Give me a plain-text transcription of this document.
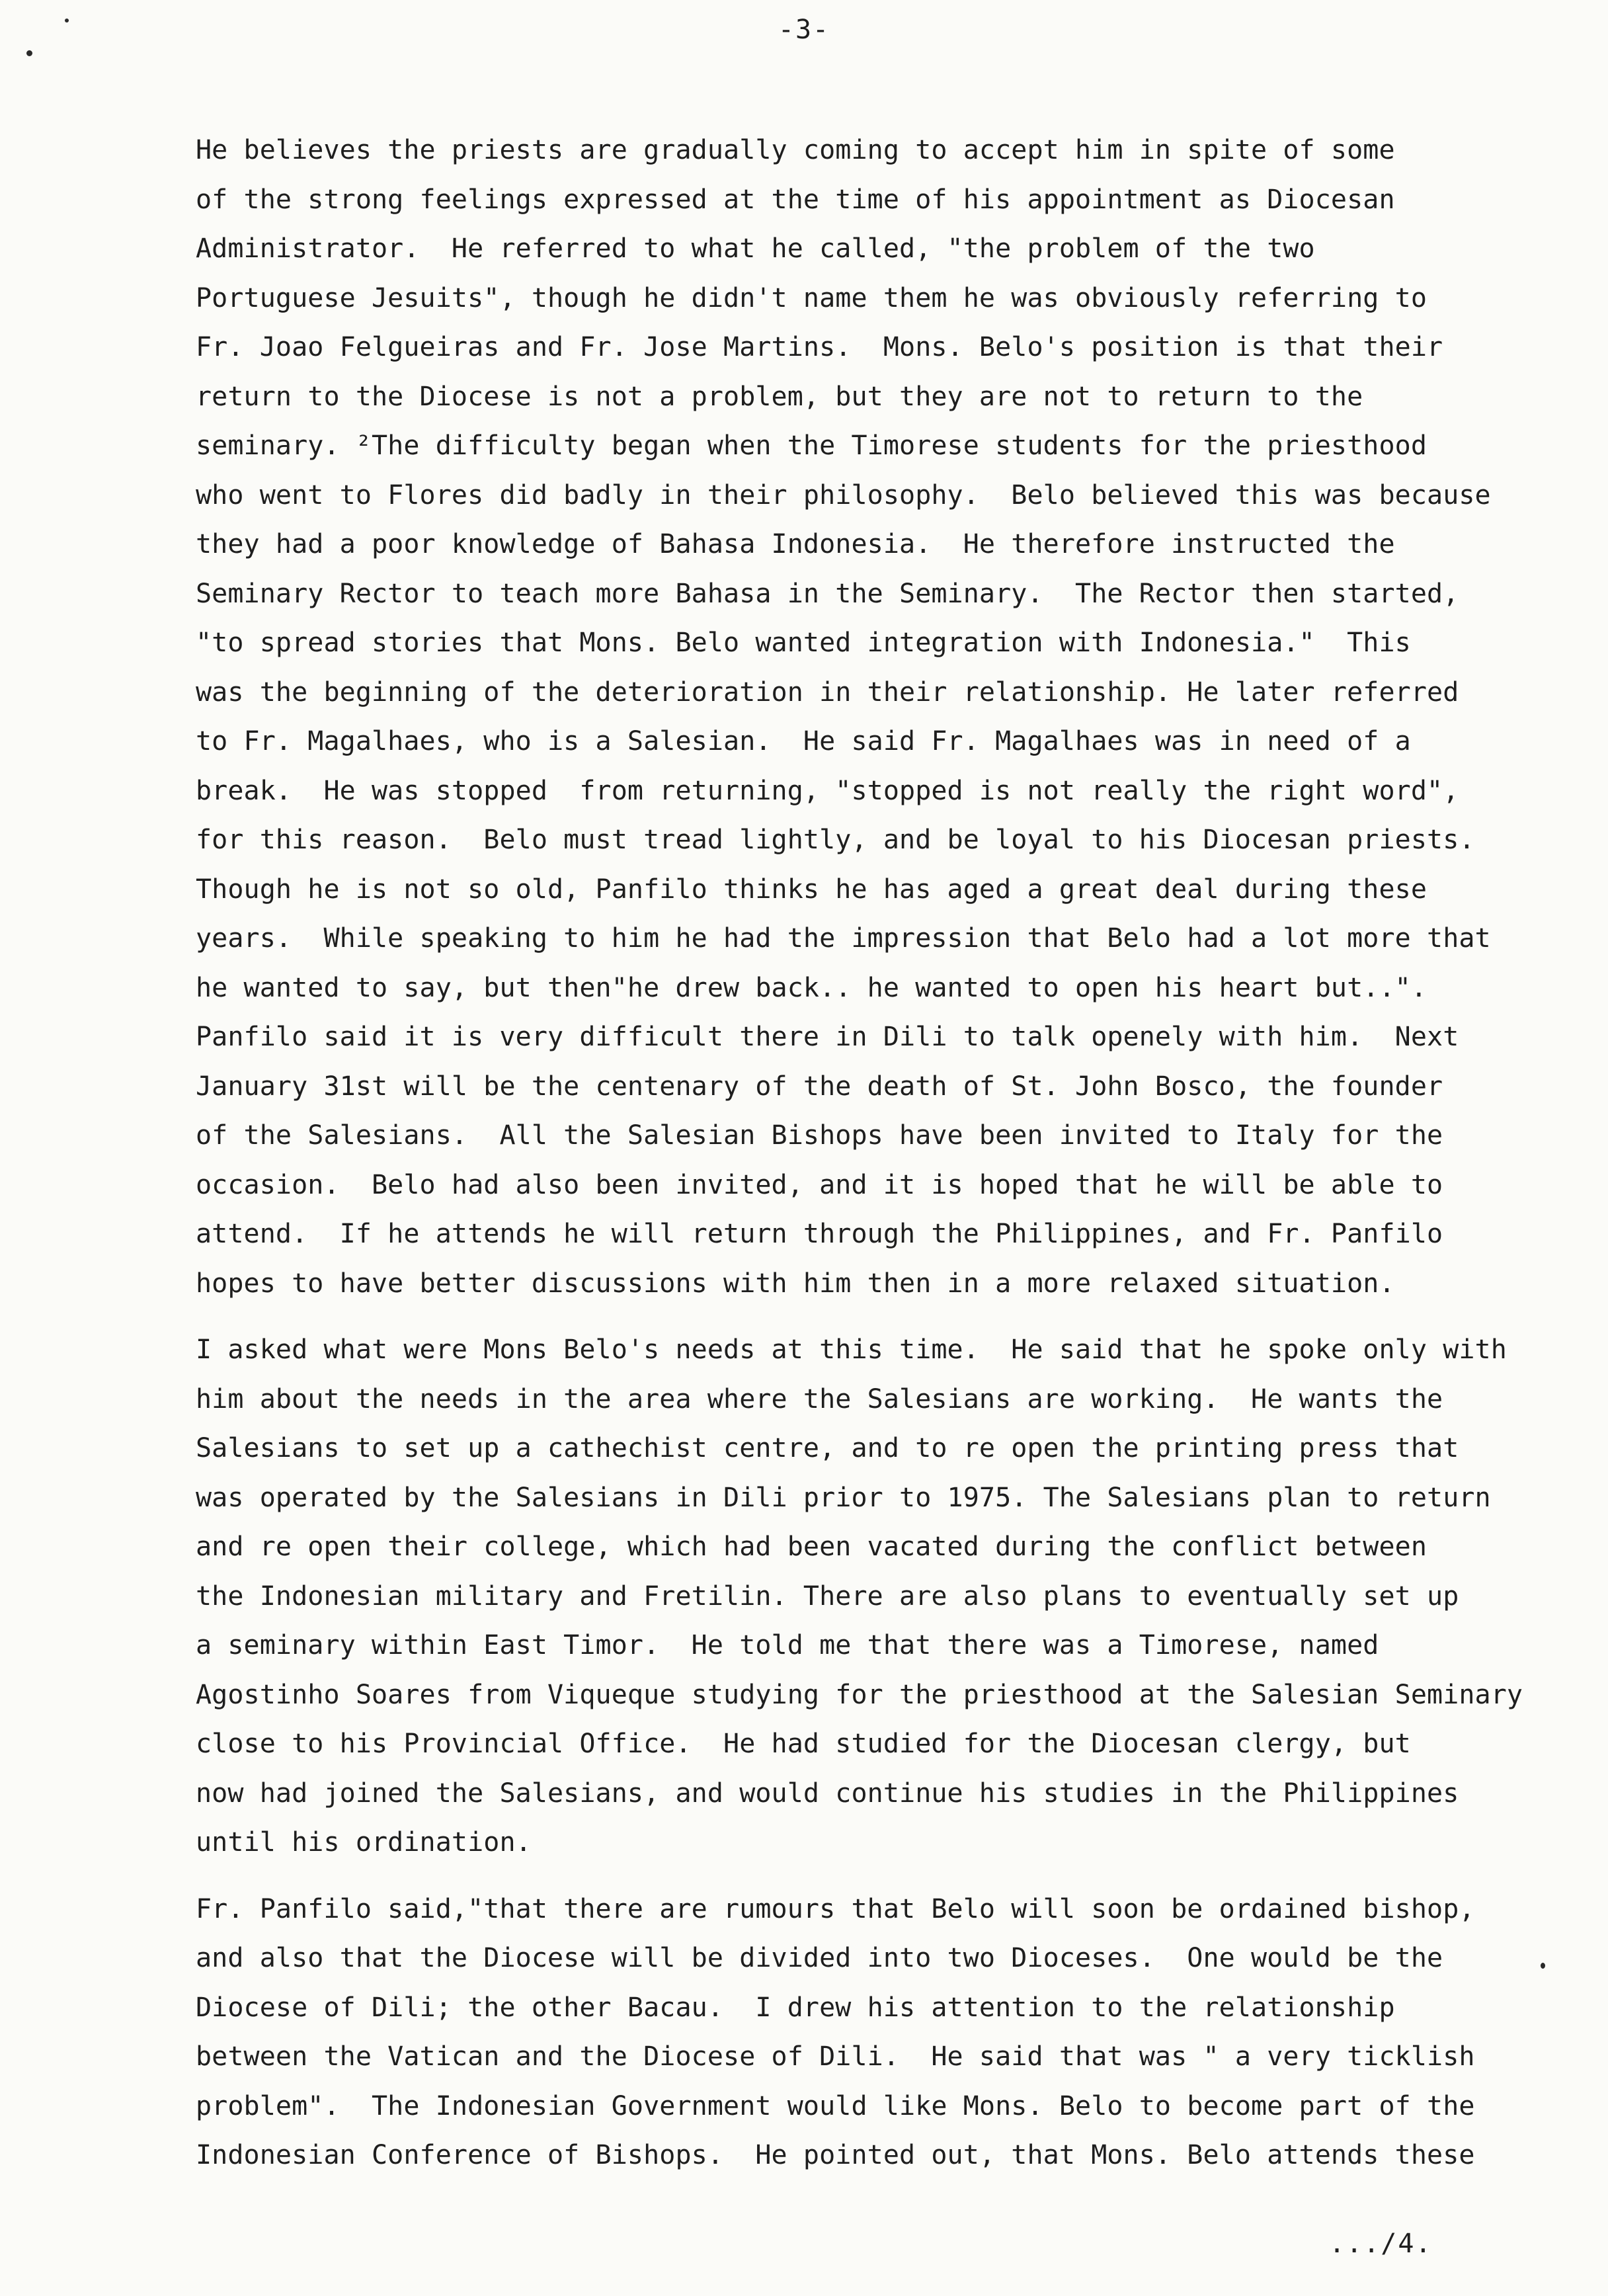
-3-
He believes the priests are gradually coming to accept him in spite of some
of the strong feelings expressed at the time of his appointment as Diocesan
Administrator.  He referred to what he called, "the problem of the two
Portuguese Jesuits", though he didn't name them he was obviously referring to
Fr. Joao Felgueiras and Fr. Jose Martins.  Mons. Belo's position is that their
return to the Diocese is not a problem, but they are not to return to the
seminary. ²The difficulty began when the Timorese students for the priesthood
who went to Flores did badly in their philosophy.  Belo believed this was because
they had a poor knowledge of Bahasa Indonesia.  He therefore instructed the
Seminary Rector to teach more Bahasa in the Seminary.  The Rector then started,
"to spread stories that Mons. Belo wanted integration with Indonesia."  This
was the beginning of the deterioration in their relationship. He later referred
to Fr. Magalhaes, who is a Salesian.  He said Fr. Magalhaes was in need of a
break.  He was stopped  from returning, "stopped is not really the right word",
for this reason.  Belo must tread lightly, and be loyal to his Diocesan priests.
Though he is not so old, Panfilo thinks he has aged a great deal during these
years.  While speaking to him he had the impression that Belo had a lot more that
he wanted to say, but then"he drew back.. he wanted to open his heart but..".
Panfilo said it is very difficult there in Dili to talk openely with him.  Next
January 31st will be the centenary of the death of St. John Bosco, the founder
of the Salesians.  All the Salesian Bishops have been invited to Italy for the
occasion.  Belo had also been invited, and it is hoped that he will be able to
attend.  If he attends he will return through the Philippines, and Fr. Panfilo
hopes to have better discussions with him then in a more relaxed situation.
I asked what were Mons Belo's needs at this time.  He said that he spoke only with
him about the needs in the area where the Salesians are working.  He wants the
Salesians to set up a cathechist centre, and to re open the printing press that
was operated by the Salesians in Dili prior to 1975. The Salesians plan to return
and re open their college, which had been vacated during the conflict between
the Indonesian military and Fretilin. There are also plans to eventually set up
a seminary within East Timor.  He told me that there was a Timorese, named
Agostinho Soares from Viqueque studying for the priesthood at the Salesian Seminary
close to his Provincial Office.  He had studied for the Diocesan clergy, but
now had joined the Salesians, and would continue his studies in the Philippines
until his ordination.
Fr. Panfilo said,"that there are rumours that Belo will soon be ordained bishop,
and also that the Diocese will be divided into two Dioceses.  One would be the
Diocese of Dili; the other Bacau.  I drew his attention to the relationship
between the Vatican and the Diocese of Dili.  He said that was " a very ticklish
problem".  The Indonesian Government would like Mons. Belo to become part of the
Indonesian Conference of Bishops.  He pointed out, that Mons. Belo attends these
.../4.
